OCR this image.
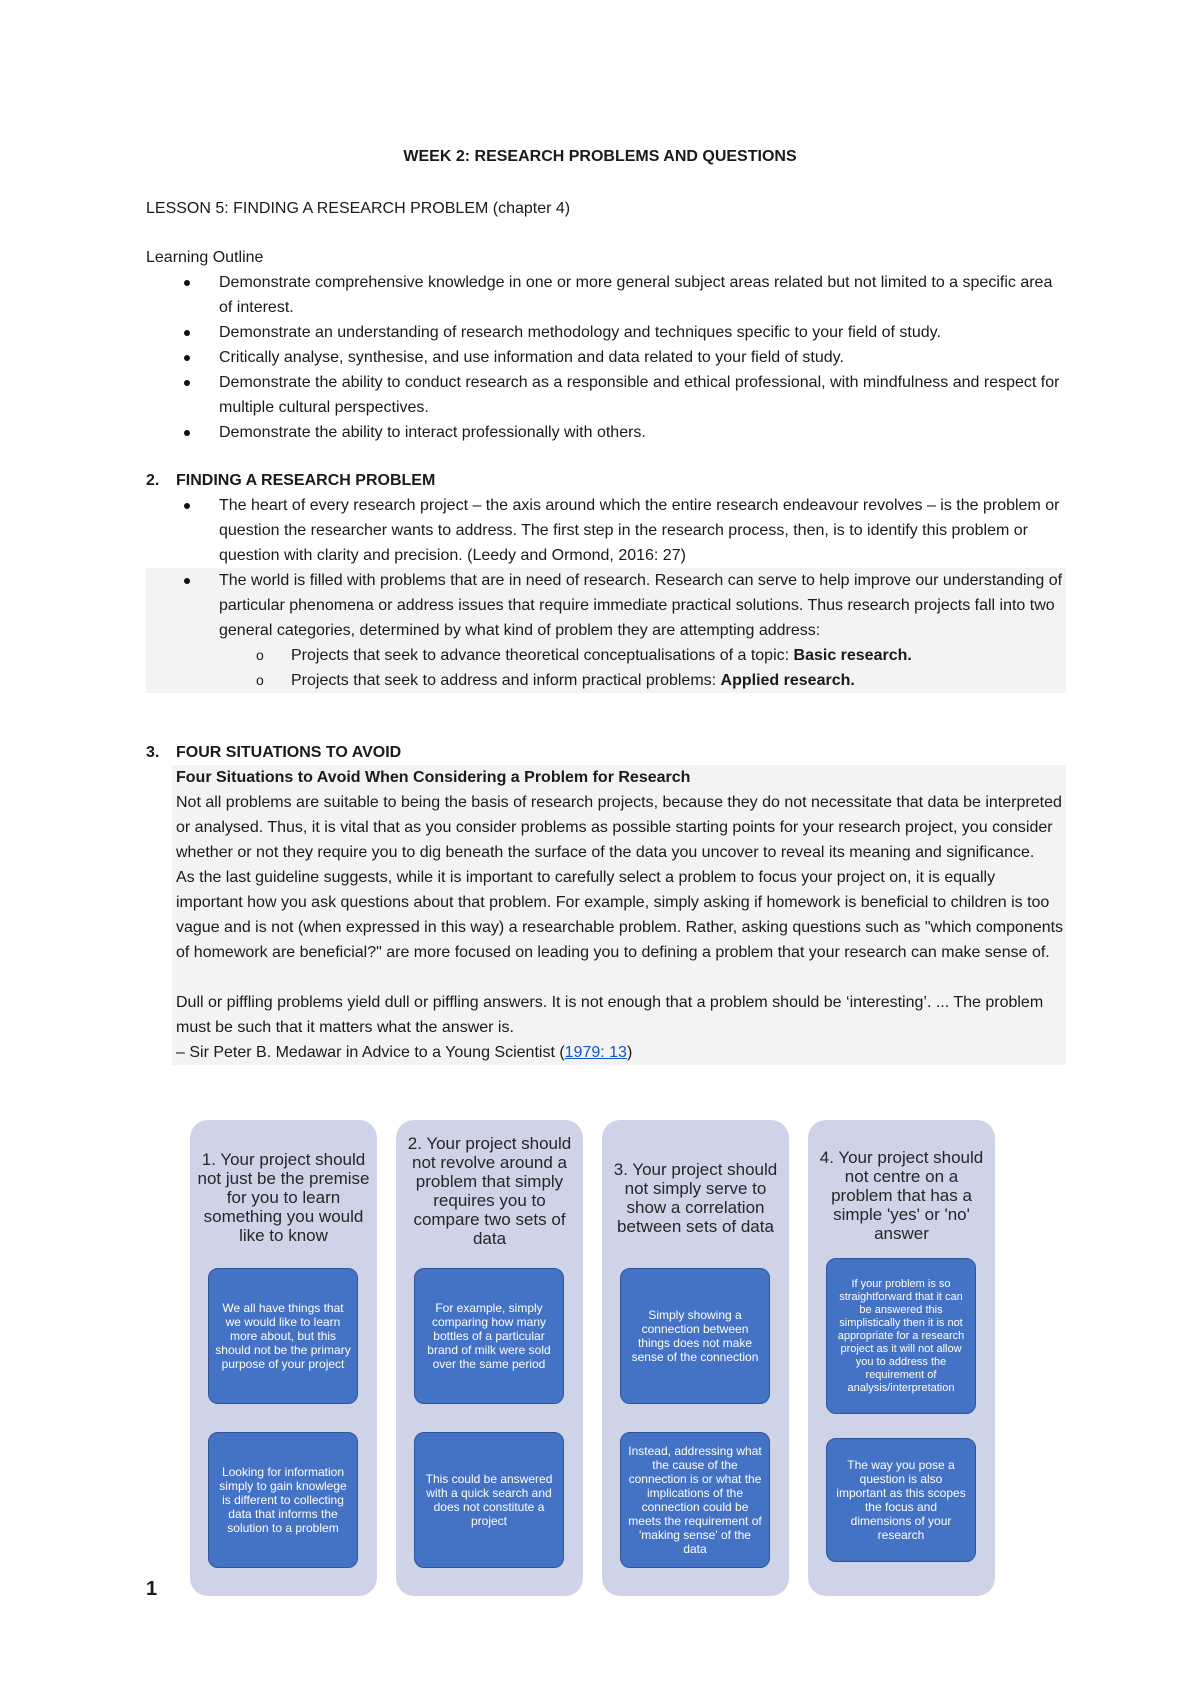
WEEK 2: RESEARCH PROBLEMS AND QUESTIONS
LESSON 5: FINDING A RESEARCH PROBLEM (chapter 4)
Learning Outline
Demonstrate comprehensive knowledge in one or more general subject areas related but not limited to a specific area of interest.
Demonstrate an understanding of research methodology and techniques specific to your field of study.
Critically analyse, synthesise, and use information and data related to your field of study.
Demonstrate the ability to conduct research as a responsible and ethical professional, with mindfulness and respect for multiple cultural perspectives.
Demonstrate the ability to interact professionally with others.
2. FINDING A RESEARCH PROBLEM
The heart of every research project – the axis around which the entire research endeavour revolves – is the problem or question the researcher wants to address. The first step in the research process, then, is to identify this problem or question with clarity and precision. (Leedy and Ormond, 2016: 27)
The world is filled with problems that are in need of research. Research can serve to help improve our understanding of particular phenomena or address issues that require immediate practical solutions. Thus research projects fall into two general categories, determined by what kind of problem they are attempting address:
o Projects that seek to advance theoretical conceptualisations of a topic: Basic research.
o Projects that seek to address and inform practical problems: Applied research.
3. FOUR SITUATIONS TO AVOID
Four Situations to Avoid When Considering a Problem for Research
Not all problems are suitable to being the basis of research projects, because they do not necessitate that data be interpreted or analysed. Thus, it is vital that as you consider problems as possible starting points for your research project, you consider whether or not they require you to dig beneath the surface of the data you uncover to reveal its meaning and significance.
As the last guideline suggests, while it is important to carefully select a problem to focus your project on, it is equally important how you ask questions about that problem. For example, simply asking if homework is beneficial to children is too vague and is not (when expressed in this way) a researchable problem. Rather, asking questions such as "which components of homework are beneficial?" are more focused on leading you to defining a problem that your research can make sense of.
Dull or piffling problems yield dull or piffling answers. It is not enough that a problem should be ‘interesting’. ... The problem must be such that it matters what the answer is.
– Sir Peter B. Medawar in Advice to a Young Scientist (1979: 13)
1. Your project should not just be the premise for you to learn something you would like to know
We all have things that we would like to learn more about, but this should not be the primary purpose of your project
Looking for information simply to gain knowlege is different to collecting data that informs the solution to a problem
2. Your project should not revolve around a problem that simply requires you to compare two sets of data
For example, simply comparing how many bottles of a particular brand of milk were sold over the same period
This could be answered with a quick search and does not constitute a project
3. Your project should not simply serve to show a correlation between sets of data
Simply showing a connection between things does not make sense of the connection
Instead, addressing what the cause of the connection is or what the implications of the connection could be meets the requirement of 'making sense' of the data
4. Your project should not centre on a problem that has a simple 'yes' or 'no' answer
If your problem is so straightforward that it can be answered this simplistically then it is not appropriate for a research project as it will not allow you to address the requirement of analysis/interpretation
The way you pose a question is also important as this scopes the focus and dimensions of your research
1
